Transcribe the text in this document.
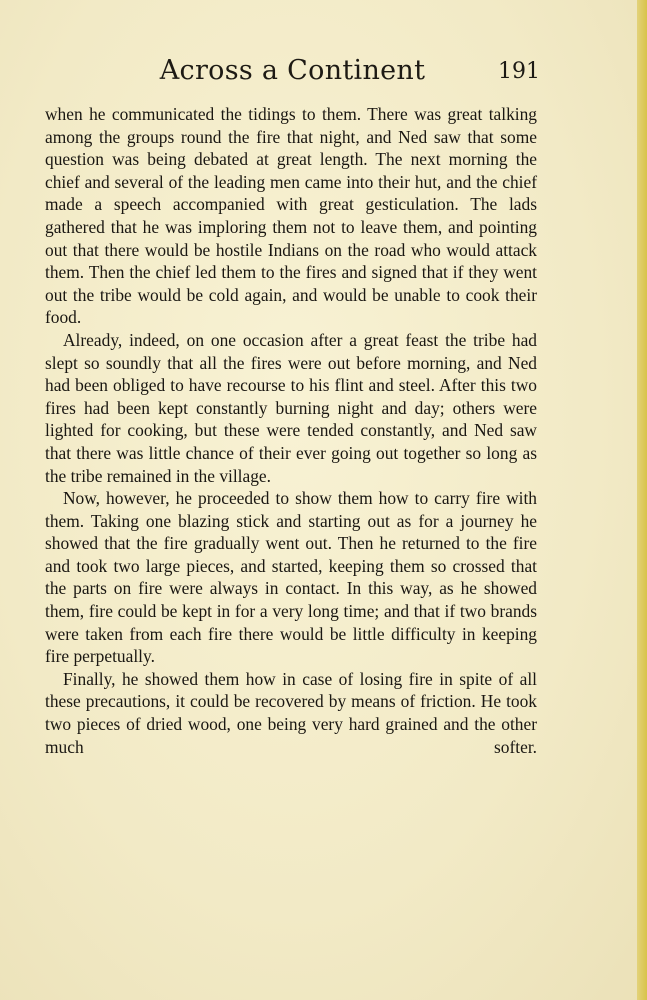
Across a Continent	191

when he communicated the tidings to them. There was great talking among the groups round the fire that night, and Ned saw that some question was being debated at great length. The next morning the chief and several of the leading men came into their hut, and the chief made a speech accompanied with great gesticulation. The lads gathered that he was imploring them not to leave them, and pointing out that there would be hostile Indians on the road who would attack them. Then the chief led them to the fires and signed that if they went out the tribe would be cold again, and would be unable to cook their food.

Already, indeed, on one occasion after a great feast the tribe had slept so soundly that all the fires were out before morning, and Ned had been obliged to have recourse to his flint and steel. After this two fires had been kept constantly burning night and day; others were lighted for cooking, but these were tended constantly, and Ned saw that there was little chance of their ever going out together so long as the tribe remained in the village.

Now, however, he proceeded to show them how to carry fire with them. Taking one blazing stick and starting out as for a journey he showed that the fire gradually went out. Then he returned to the fire and took two large pieces, and started, keeping them so crossed that the parts on fire were always in contact. In this way, as he showed them, fire could be kept in for a very long time; and that if two brands were taken from each fire there would be little difficulty in keeping fire perpetually.

Finally, he showed them how in case of losing fire in spite of all these precautions, it could be recovered by means of friction. He took two pieces of dried wood, one being very hard grained and the other much softer.
